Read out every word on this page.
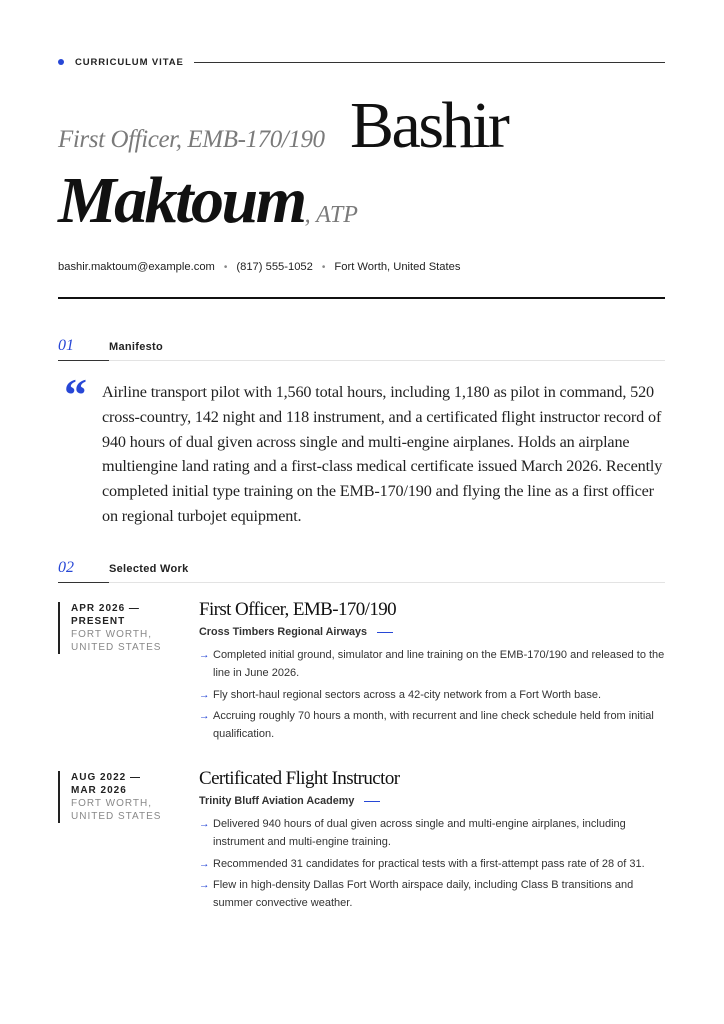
CURRICULUM VITAE
First Officer, EMB-170/190 Bashir
Maktoum, ATP
bashir.maktoum@example.com • (817) 555-1052 • Fort Worth, United States
01	Manifesto
“ Airline transport pilot with 1,560 total hours, including 1,180 as pilot in command, 520 cross-country, 142 night and 118 instrument, and a certificated flight instructor record of 940 hours of dual given across single and multi-engine airplanes. Holds an airplane multiengine land rating and a first-class medical certificate issued March 2026. Recently completed initial type training on the EMB-170/190 and flying the line as a first officer on regional turbojet equipment.
02	Selected Work
APR 2026 —
PRESENT
FORT WORTH,
UNITED STATES
First Officer, EMB-170/190
Cross Timbers Regional Airways
→ Completed initial ground, simulator and line training on the EMB-170/190 and released to the line in June 2026.
→ Fly short-haul regional sectors across a 42-city network from a Fort Worth base.
→ Accruing roughly 70 hours a month, with recurrent and line check schedule held from initial qualification.
AUG 2022 —
MAR 2026
FORT WORTH,
UNITED STATES
Certificated Flight Instructor
Trinity Bluff Aviation Academy
→ Delivered 940 hours of dual given across single and multi-engine airplanes, including instrument and multi-engine training.
→ Recommended 31 candidates for practical tests with a first-attempt pass rate of 28 of 31.
→ Flew in high-density Dallas Fort Worth airspace daily, including Class B transitions and summer convective weather.
